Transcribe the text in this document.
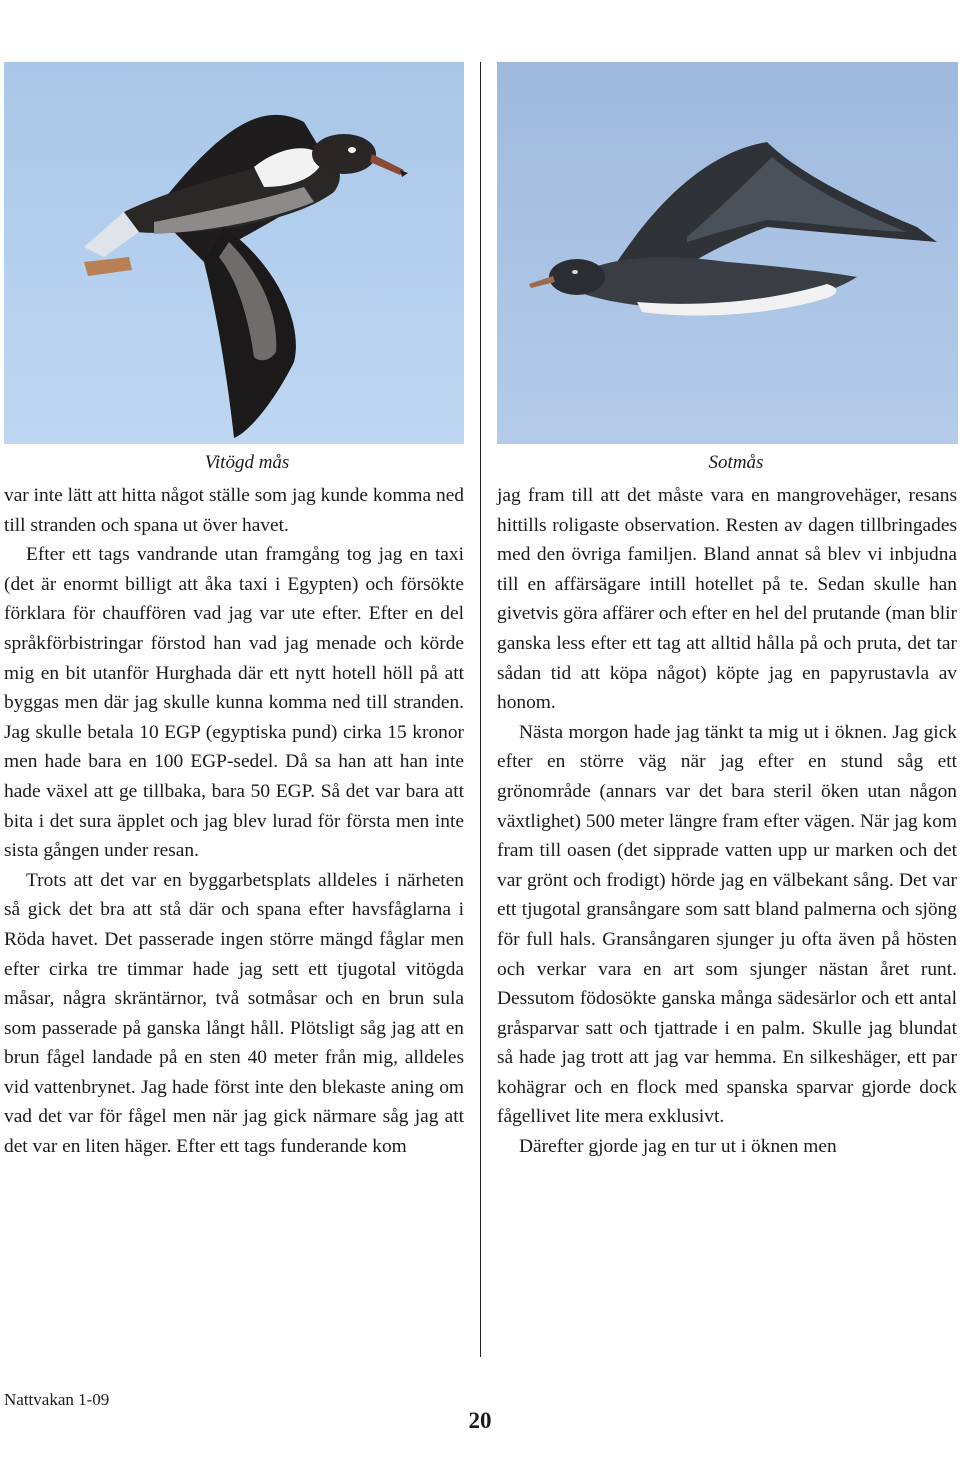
Vitögd mås	Sotmås

var inte lätt att hitta något ställe som jag kunde komma ned till stranden och spana ut över havet.

Efter ett tags vandrande utan framgång tog jag en taxi (det är enormt billigt att åka taxi i Egypten) och försökte förklara för chauffören vad jag var ute efter. Efter en del språkförbistringar förstod han vad jag menade och körde mig en bit utanför Hurghada där ett nytt hotell höll på att byggas men där jag skulle kunna komma ned till stranden. Jag skulle betala 10 EGP (egyptiska pund) cirka 15 kronor men hade bara en 100 EGP-sedel. Då sa han att han inte hade växel att ge tillbaka, bara 50 EGP. Så det var bara att bita i det sura äpplet och jag blev lurad för första men inte sista gången under resan.

Trots att det var en byggarbetsplats alldeles i närheten så gick det bra att stå där och spana efter havsfåglarna i Röda havet. Det passerade ingen större mängd fåglar men efter cirka tre timmar hade jag sett ett tjugotal vitögda måsar, några skräntärnor, två sotmåsar och en brun sula som passerade på ganska långt håll. Plötsligt såg jag att en brun fågel landade på en sten 40 meter från mig, alldeles vid vattenbrynet. Jag hade först inte den blekaste aning om vad det var för fågel men när jag gick närmare såg jag att det var en liten häger. Efter ett tags funderande kom

jag fram till att det måste vara en mangrovehäger, resans hittills roligaste observation. Resten av dagen tillbringades med den övriga familjen. Bland annat så blev vi inbjudna till en affärsägare intill hotellet på te. Sedan skulle han givetvis göra affärer och efter en hel del prutande (man blir ganska less efter ett tag att alltid hålla på och pruta, det tar sådan tid att köpa något) köpte jag en papyrustavla av honom.

Nästa morgon hade jag tänkt ta mig ut i öknen. Jag gick efter en större väg när jag efter en stund såg ett grönområde (annars var det bara steril öken utan någon växtlighet) 500 meter längre fram efter vägen. När jag kom fram till oasen (det sipprade vatten upp ur marken och det var grönt och frodigt) hörde jag en välbekant sång. Det var ett tjugotal gransångare som satt bland palmerna och sjöng för full hals. Gransångaren sjunger ju ofta även på hösten och verkar vara en art som sjunger nästan året runt. Dessutom födosökte ganska många sädesärlor och ett antal gråsparvar satt och tjattrade i en palm. Skulle jag blundat så hade jag trott att jag var hemma. En silkeshäger, ett par kohägrar och en flock med spanska sparvar gjorde dock fågellivet lite mera exklusivt.

Därefter gjorde jag en tur ut i öknen men

Nattvakan 1-09
20
